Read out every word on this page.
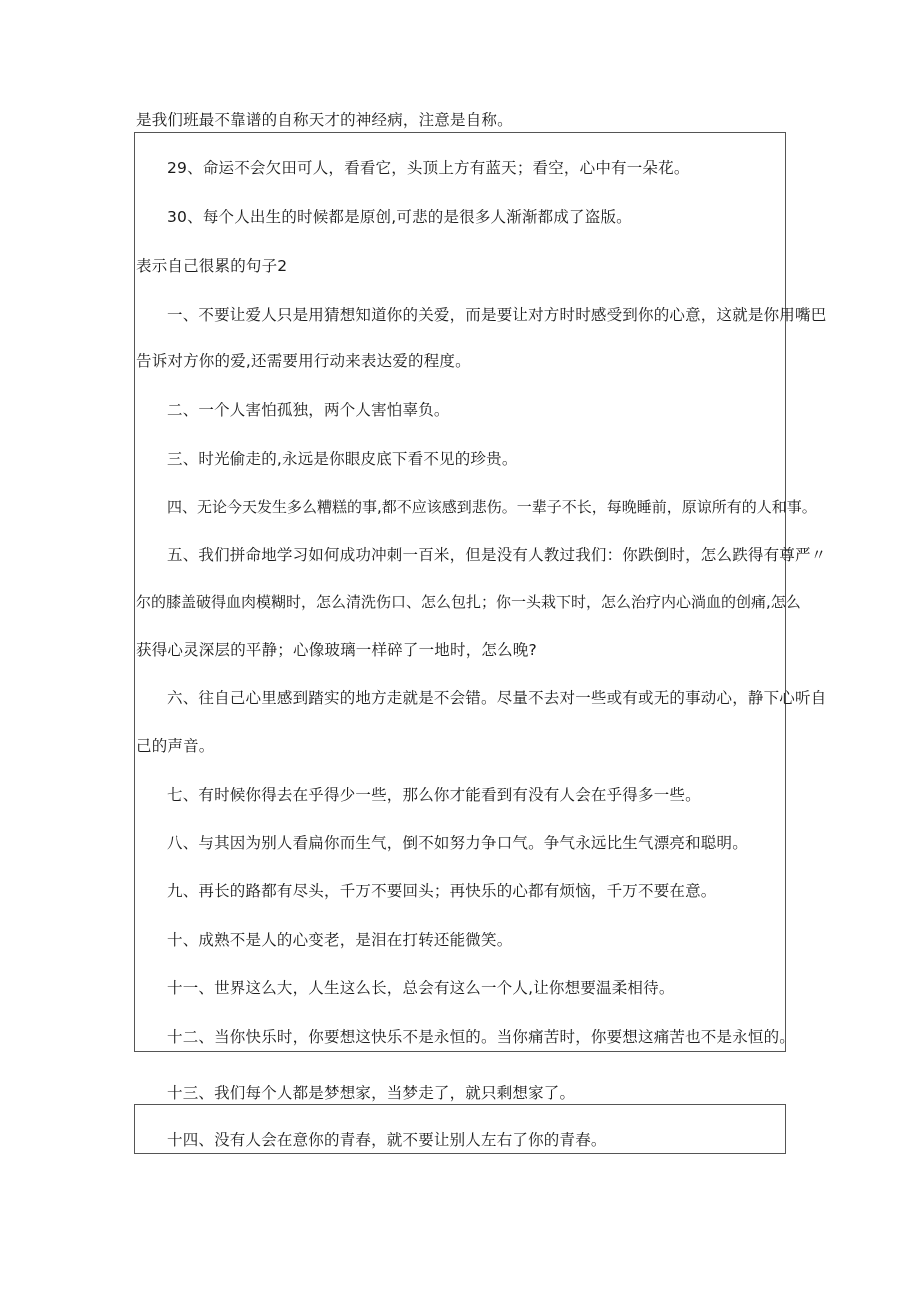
是我们班最不靠谱的自称天才的神经病，注意是自称。
29、命运不会欠田可人，看看它，头顶上方有蓝天；看空，心中有一朵花。
30、每个人出生的时候都是原创,可悲的是很多人渐渐都成了盗版。
表示自己很累的句子2
一、不要让爱人只是用猜想知道你的关爱，而是要让对方时时感受到你的心意，这就是你用嘴巴
告诉对方你的爱,还需要用行动来表达爱的程度。
二、一个人害怕孤独，两个人害怕辜负。
三、时光偷走的,永远是你眼皮底下看不见的珍贵。
四、无论今天发生多么糟糕的事,都不应该感到悲伤。一辈子不长，每晚睡前，原谅所有的人和事。
五、我们拼命地学习如何成功冲刺一百米，但是没有人教过我们：你跌倒时，怎么跌得有尊严〃
尔的膝盖破得血肉模糊时，怎么清洗伤口、怎么包扎；你一头栽下时，怎么治疗内心淌血的创痛,怎么
获得心灵深层的平静；心像玻璃一样碎了一地时，怎么晚?
六、往自己心里感到踏实的地方走就是不会错。尽量不去对一些或有或无的事动心，静下心听自
己的声音。
七、有时候你得去在乎得少一些，那么你才能看到有没有人会在乎得多一些。
八、与其因为别人看扁你而生气，倒不如努力争口气。争气永远比生气漂亮和聪明。
九、再长的路都有尽头，千万不要回头；再快乐的心都有烦恼，千万不要在意。
十、成熟不是人的心变老，是泪在打转还能微笑。
十一、世界这么大，人生这么长，总会有这么一个人,让你想要温柔相待。
十二、当你快乐时，你要想这快乐不是永恒的。当你痛苦时，你要想这痛苦也不是永恒的。
十三、我们每个人都是梦想家，当梦走了，就只剩想家了。
十四、没有人会在意你的青春，就不要让别人左右了你的青春。
